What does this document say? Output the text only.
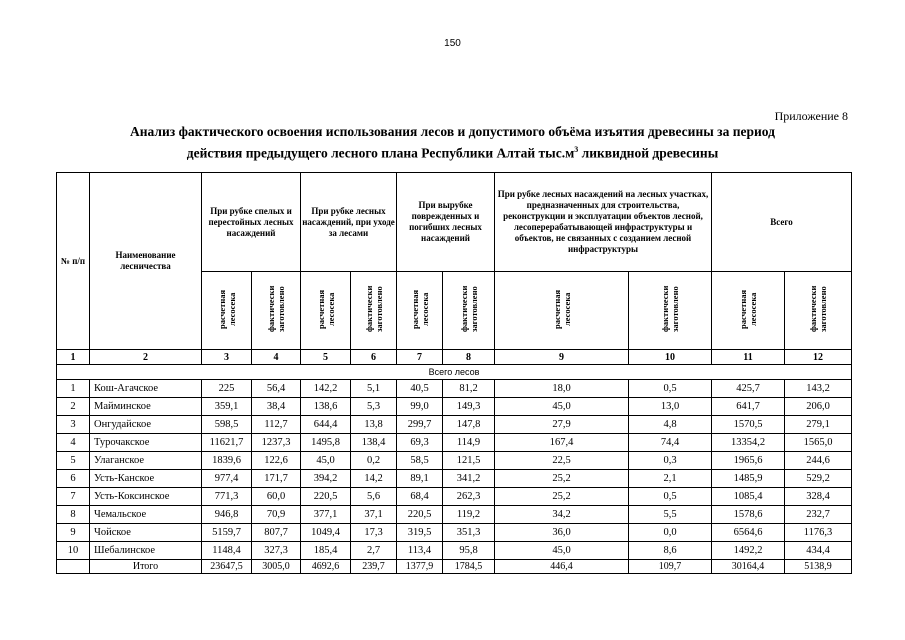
150
Приложение 8
Анализ фактического освоения использования лесов и допустимого объёма изъятия древесины за период
действия предыдущего лесного плана Республики Алтай $тыс.м^3$ ликвидной древесины
№ п/п	Наименование лесничества	При рубке спелых и перестойных лесных насаждений		При рубке лесных насаждений, при уходе за лесами		При вырубке поврежденных и погибших лесных насаждений		При рубке лесных насаждений на лесных участках, предназначенных для строительства, реконструкции и эксплуатации объектов лесной, лесоперерабатывающей инфраструктуры и объектов, не связанных с созданием лесной инфраструктуры		Всего	
		расчетная лесосека	фактически заготовлено	расчетная лесосека	фактически заготовлено	расчетная лесосека	фактически заготовлено	расчетная лесосека	фактически заготовлено	расчетная лесосека	фактически заготовлено
1	2	3	4	5	6	7	8	9	10	11	12
Всего лесов											
1	Кош-Агачское	225	56,4	142,2	5,1	40,5	81,2	18,0	0,5	425,7	143,2
2	Майминское	359,1	38,4	138,6	5,3	99,0	149,3	45,0	13,0	641,7	206,0
3	Онгудайское	598,5	112,7	644,4	13,8	299,7	147,8	27,9	4,8	1570,5	279,1
4	Турочакское	11621,7	1237,3	1495,8	138,4	69,3	114,9	167,4	74,4	13354,2	1565,0
5	Улаганское	1839,6	122,6	45,0	0,2	58,5	121,5	22,5	0,3	1965,6	244,6
6	Усть-Канское	977,4	171,7	394,2	14,2	89,1	341,2	25,2	2,1	1485,9	529,2
7	Усть-Коксинское	771,3	60,0	220,5	5,6	68,4	262,3	25,2	0,5	1085,4	328,4
8	Чемальское	946,8	70,9	377,1	37,1	220,5	119,2	34,2	5,5	1578,6	232,7
9	Чойское	5159,7	807,7	1049,4	17,3	319,5	351,3	36,0	0,0	6564,6	1176,3
10	Шебалинское	1148,4	327,3	185,4	2,7	113,4	95,8	45,0	8,6	1492,2	434,4
	Итого	23647,5	3005,0	4692,6	239,7	1377,9	1784,5	446,4	109,7	30164,4	5138,9
